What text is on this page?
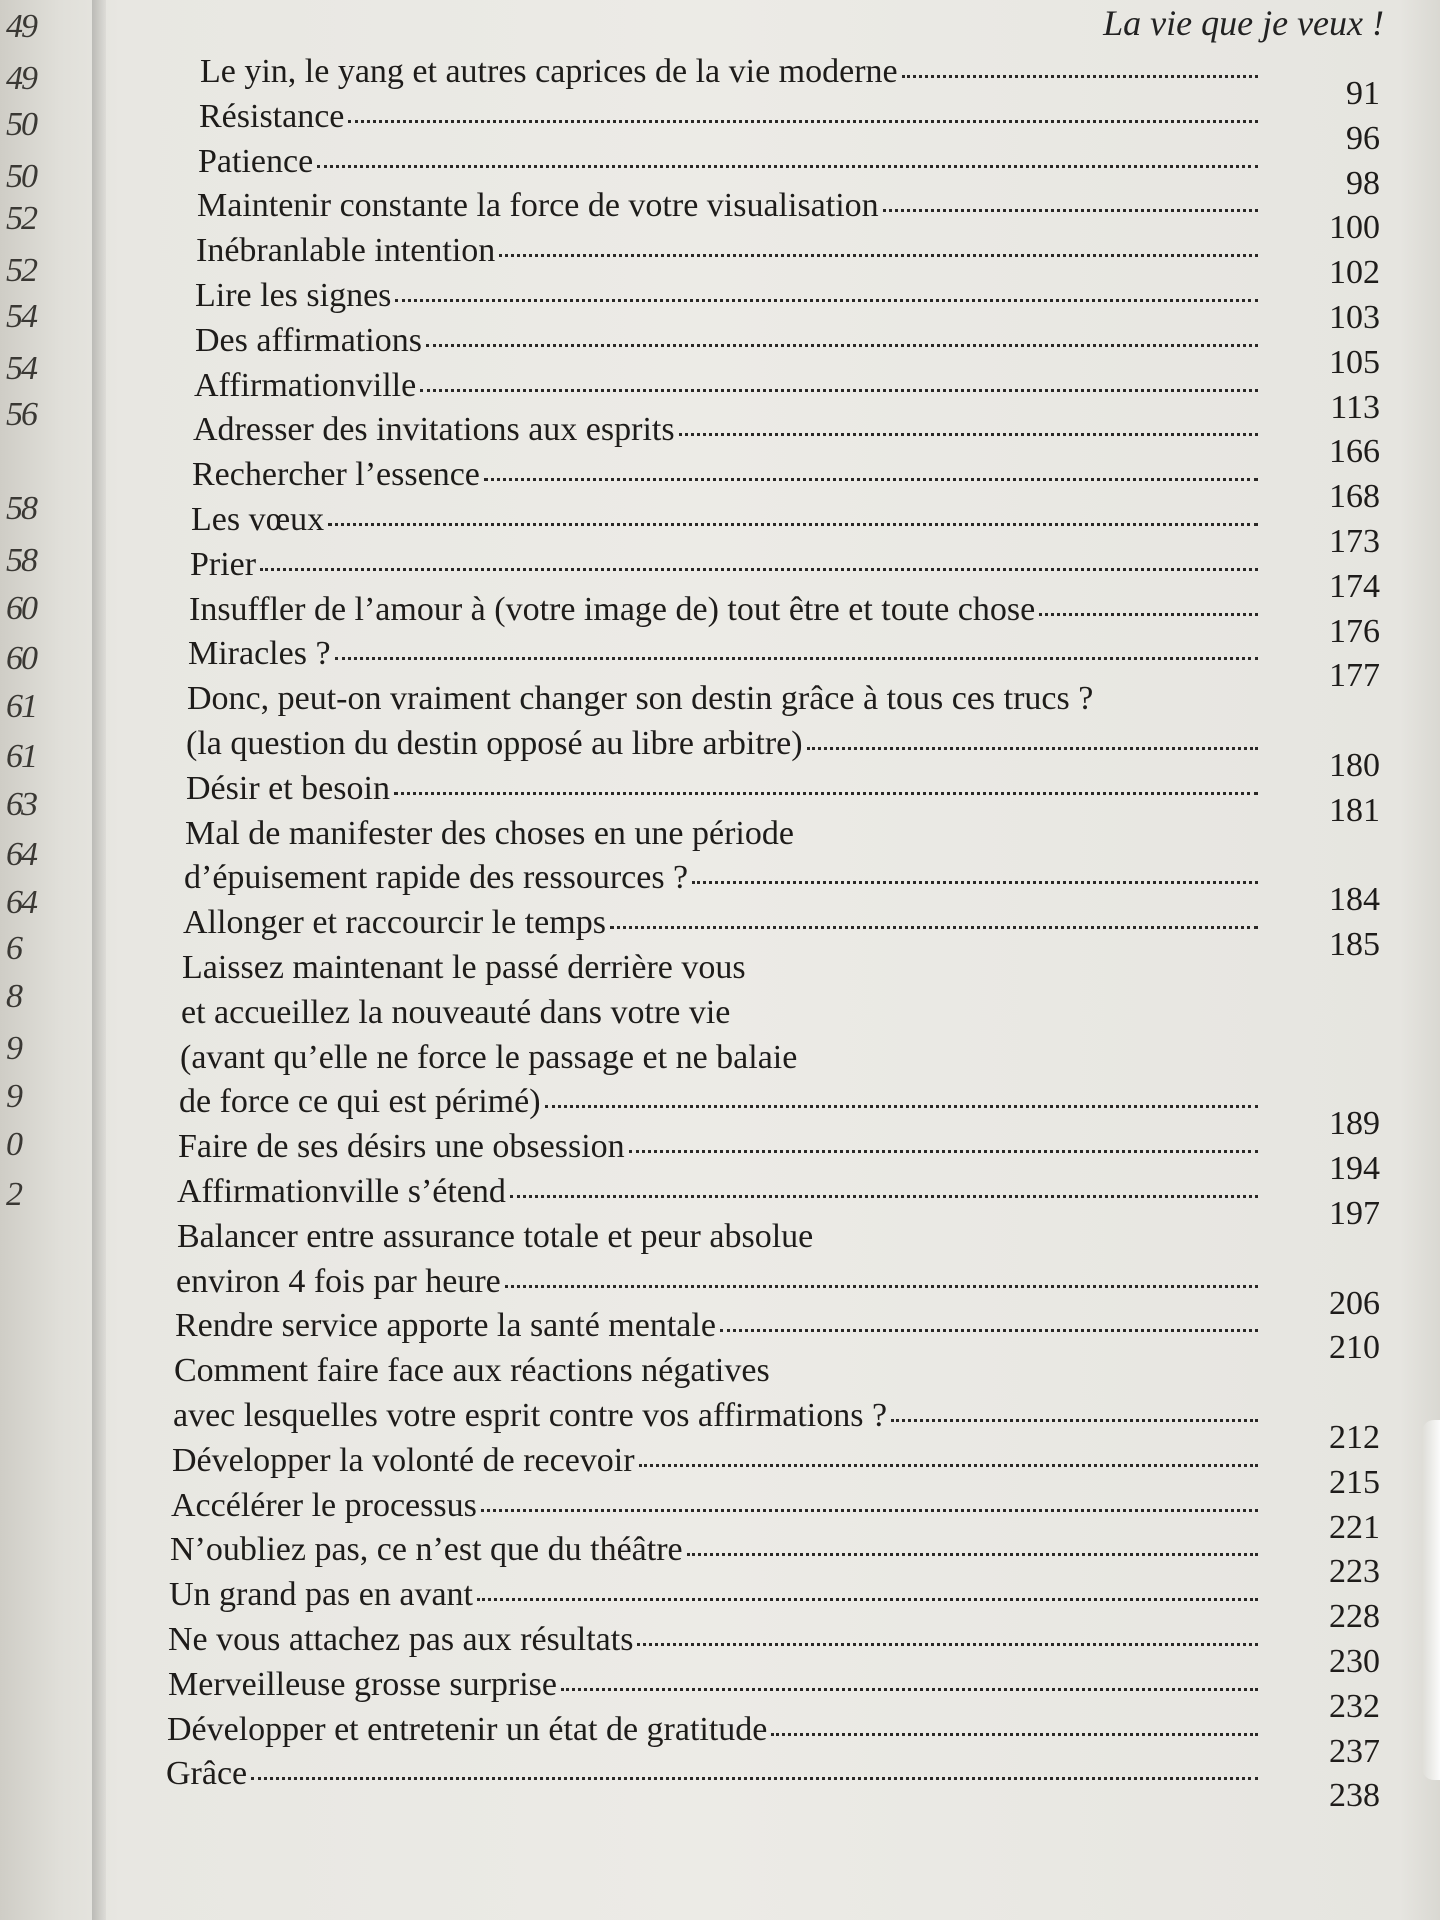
49
49
50
50
52
52
54
54
56
58
58
60
60
61
61
63
64
64
6
8
9
9
0
2
La vie que je veux !
Le yin, le yang et autres caprices de la vie moderne
91
Résistance
96
Patience
98
Maintenir constante la force de votre visualisation
100
Inébranlable intention
102
Lire les signes
103
Des affirmations
105
Affirmationville
113
Adresser des invitations aux esprits
166
Rechercher l’essence
168
Les vœux
173
Prier
174
Insuffler de l’amour à (votre image de) tout être et toute chose
176
Miracles ?
177
Donc, peut-on vraiment changer son destin grâce à tous ces trucs ?
(la question du destin opposé au libre arbitre)
180
Désir et besoin
181
Mal de manifester des choses en une période
d’épuisement rapide des ressources ?
184
Allonger et raccourcir le temps
185
Laissez maintenant le passé derrière vous
et accueillez la nouveauté dans votre vie
(avant qu’elle ne force le passage et ne balaie
de force ce qui est périmé)
189
Faire de ses désirs une obsession
194
Affirmationville s’étend
197
Balancer entre assurance totale et peur absolue
environ 4 fois par heure
206
Rendre service apporte la santé mentale
210
Comment faire face aux réactions négatives
avec lesquelles votre esprit contre vos affirmations ?
212
Développer la volonté de recevoir
215
Accélérer le processus
221
N’oubliez pas, ce n’est que du théâtre
223
Un grand pas en avant
228
Ne vous attachez pas aux résultats
230
Merveilleuse grosse surprise
232
Développer et entretenir un état de gratitude
237
Grâce
238
